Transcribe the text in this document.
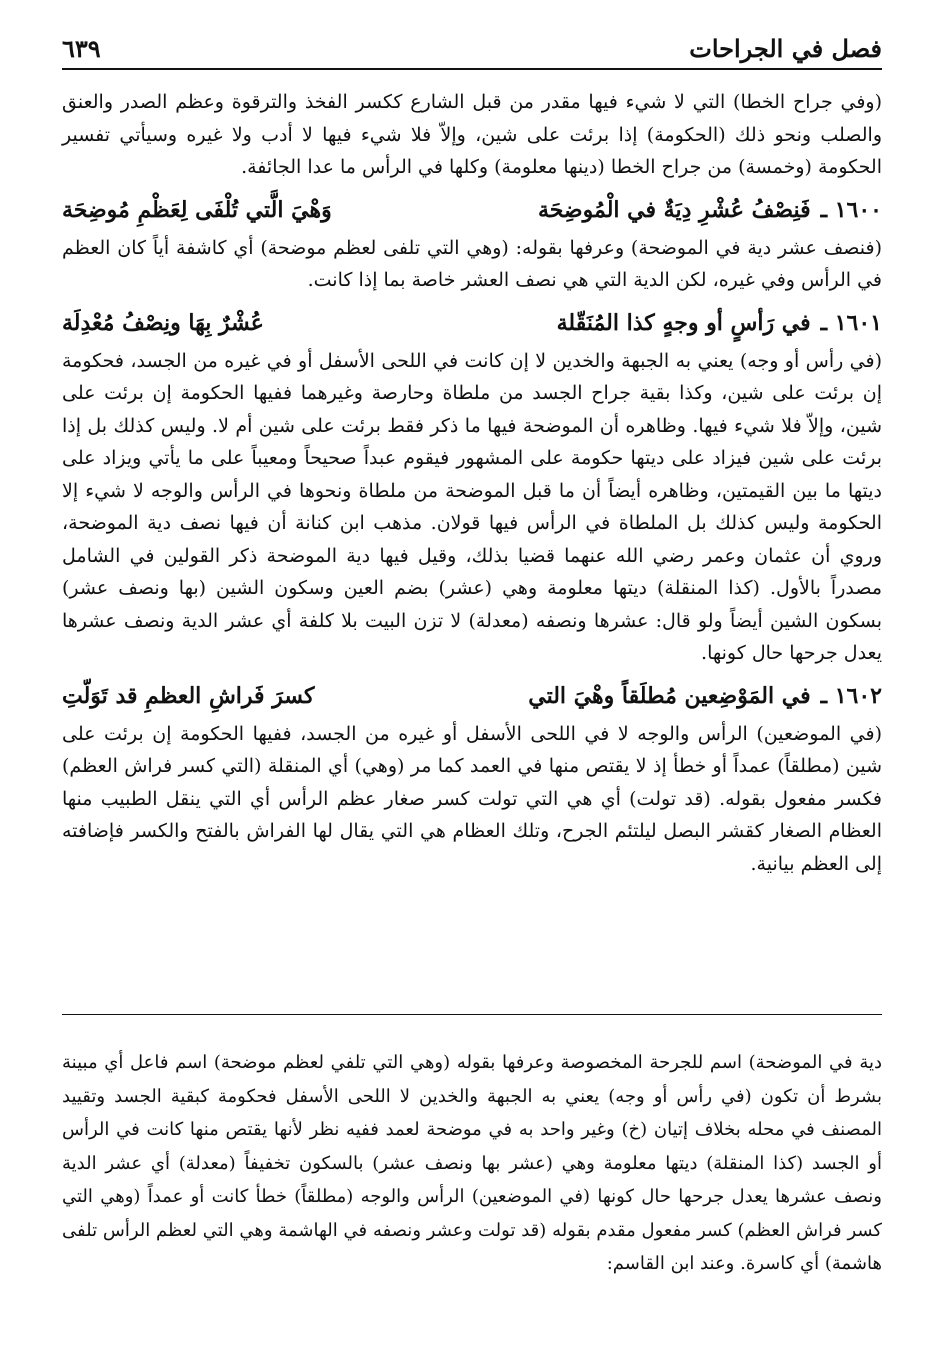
فصل في الجراحات
٦٣٩

(وفي جراح الخطا) التي لا شيء فيها مقدر من قبل الشارع ككسر الفخذ والترقوة وعظم الصدر والعنق والصلب ونحو ذلك (الحكومة) إذا برئت على شين، وإلاّ فلا شيء فيها لا أدب ولا غيره وسيأتي تفسير الحكومة (وخمسة) من جراح الخطا (دينها معلومة) وكلها في الرأس ما عدا الجائفة.

١٦٠٠ ـ
فَنِصْفُ عُشْرِ دِيَةٌ في الْمُوضِحَة
وَهْيَ الَّتي تُلْفَى لِعَظْمِ مُوضِحَة

(فنصف عشر دية في الموضحة) وعرفها بقوله: (وهي التي تلفى لعظم موضحة) أي كاشفة أياً كان العظم في الرأس وفي غيره، لكن الدية التي هي نصف العشر خاصة بما إذا كانت.

١٦٠١ ـ
في رَأسٍ أو وجهٍ كذا المُنَقّلة
عُشْرٌ بِهَا ونِصْفُ مُعْدِلَة

(في رأس أو وجه) يعني به الجبهة والخدين لا إن كانت في اللحى الأسفل أو في غيره من الجسد، فحكومة إن برئت على شين، وكذا بقية جراح الجسد من ملطاة وحارصة وغيرهما ففيها الحكومة إن برئت على شين، وإلاّ فلا شيء فيها. وظاهره أن الموضحة فيها ما ذكر فقط برئت على شين أم لا. وليس كذلك بل إذا برئت على شين فيزاد على ديتها حكومة على المشهور فيقوم عبداً صحيحاً ومعيباً على ما يأتي ويزاد على ديتها ما بين القيمتين، وظاهره أيضاً أن ما قبل الموضحة من ملطاة ونحوها في الرأس والوجه لا شيء إلا الحكومة وليس كذلك بل الملطاة في الرأس فيها قولان. مذهب ابن كنانة أن فيها نصف دية الموضحة، وروي أن عثمان وعمر رضي الله عنهما قضيا بذلك، وقيل فيها دية الموضحة ذكر القولين في الشامل مصدراً بالأول. (كذا المنقلة) ديتها معلومة وهي (عشر) بضم العين وسكون الشين (بها ونصف عشر) بسكون الشين أيضاً ولو قال: عشرها ونصفه (معدلة) لا تزن البيت بلا كلفة أي عشر الدية ونصف عشرها يعدل جرحها حال كونها.

١٦٠٢ ـ
في المَوْضِعين مُطلَقاً وهْيَ التي
كسرَ فَراشِ العظمِ قد تَوَلّتِ

(في الموضعين) الرأس والوجه لا في اللحى الأسفل أو غيره من الجسد، ففيها الحكومة إن برئت على شين (مطلقاً) عمداً أو خطأ إذ لا يقتص منها في العمد كما مر (وهي) أي المنقلة (التي كسر فراش العظم) فكسر مفعول بقوله. (قد تولت) أي هي التي تولت كسر صغار عظم الرأس أي التي ينقل الطبيب منها العظام الصغار كقشر البصل ليلتئم الجرح، وتلك العظام هي التي يقال لها الفراش بالفتح والكسر فإضافته إلى العظم بيانية.

دية في الموضحة) اسم للجرحة المخصوصة وعرفها بقوله (وهي التي تلفي لعظم موضحة) اسم فاعل أي مبينة بشرط أن تكون (في رأس أو وجه) يعني به الجبهة والخدين لا اللحى الأسفل فحكومة كبقية الجسد وتقييد المصنف في محله بخلاف إتيان (خ) وغير واحد به في موضحة لعمد ففيه نظر لأنها يقتص منها كانت في الرأس أو الجسد (كذا المنقلة) ديتها معلومة وهي (عشر بها ونصف عشر) بالسكون تخفيفاً (معدلة) أي عشر الدية ونصف عشرها يعدل جرحها حال كونها (في الموضعين) الرأس والوجه (مطلقاً) خطأ كانت أو عمداً (وهي التي كسر فراش العظم) كسر مفعول مقدم بقوله (قد تولت وعشر ونصفه في الهاشمة وهي التي لعظم الرأس تلفى هاشمة) أي كاسرة. وعند ابن القاسم:
